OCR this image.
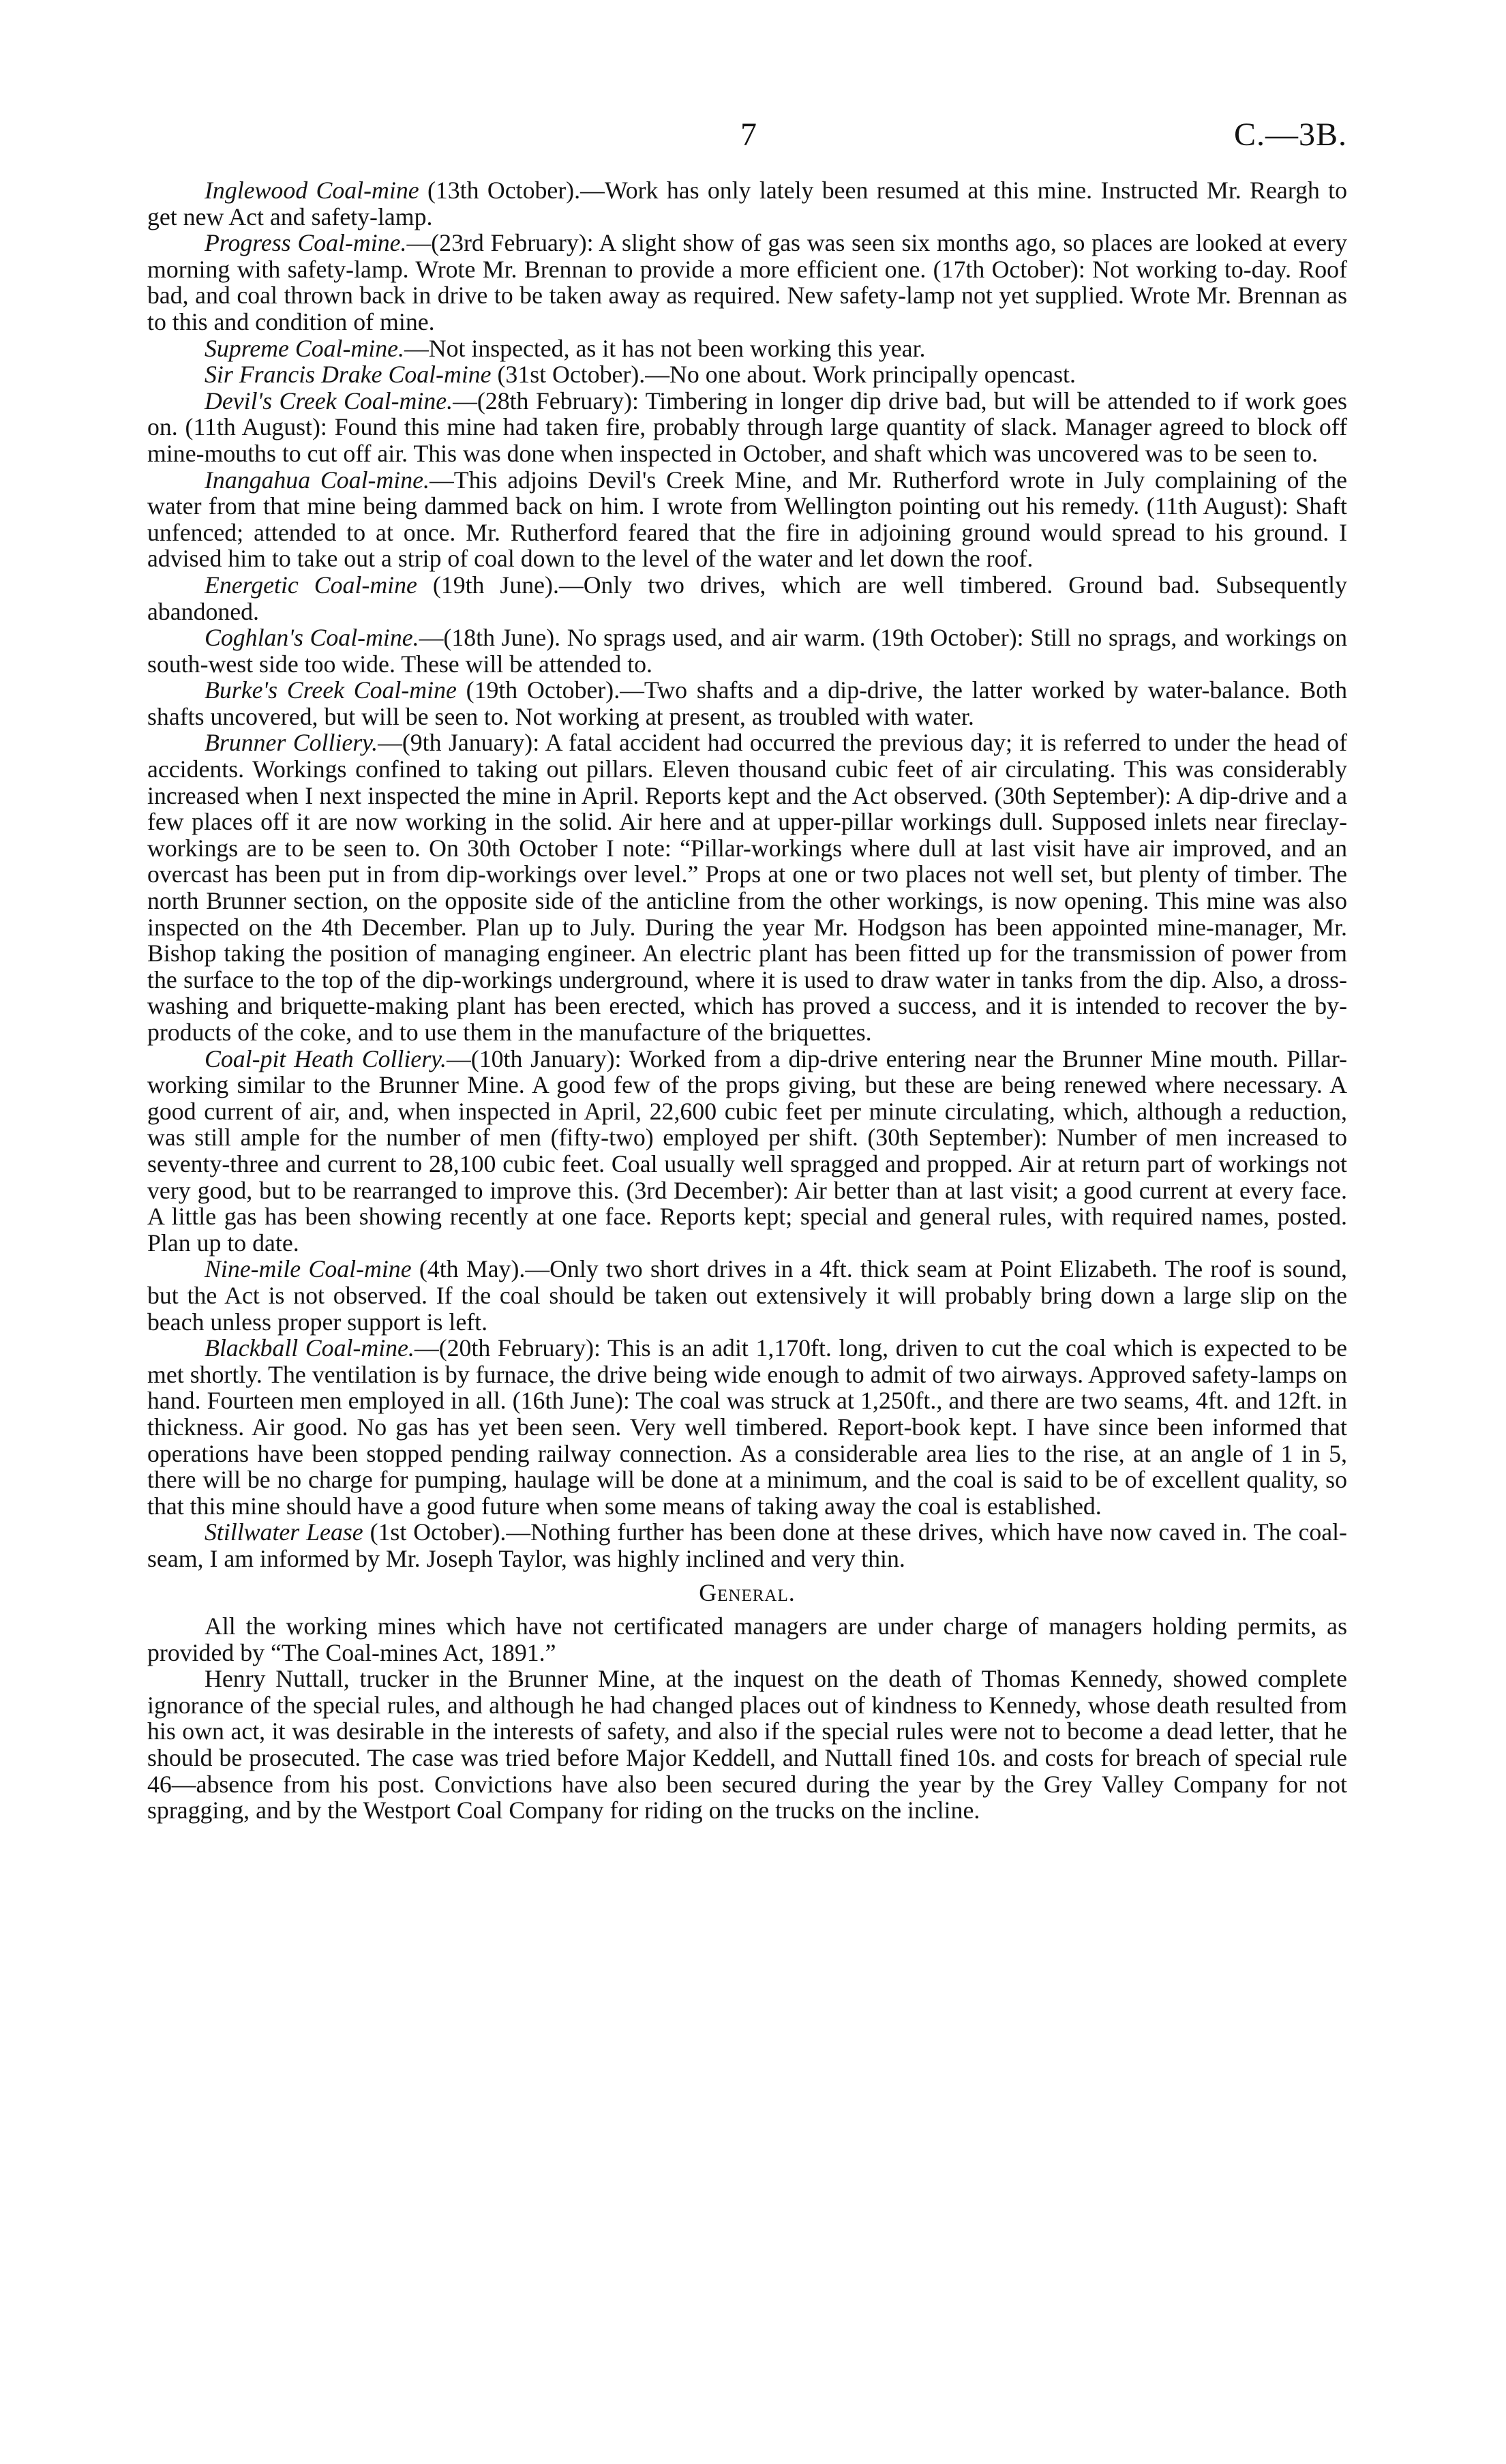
7	C.—3B.

Inglewood Coal-mine (13th October).—Work has only lately been resumed at this mine. Instructed Mr. Reargh to get new Act and safety-lamp.

Progress Coal-mine.—(23rd February): A slight show of gas was seen six months ago, so places are looked at every morning with safety-lamp. Wrote Mr. Brennan to provide a more efficient one. (17th October): Not working to-day. Roof bad, and coal thrown back in drive to be taken away as required. New safety-lamp not yet supplied. Wrote Mr. Brennan as to this and condition of mine.

Supreme Coal-mine.—Not inspected, as it has not been working this year.

Sir Francis Drake Coal-mine (31st October).—No one about. Work principally opencast.

Devil's Creek Coal-mine.—(28th February): Timbering in longer dip drive bad, but will be attended to if work goes on. (11th August): Found this mine had taken fire, probably through large quantity of slack. Manager agreed to block off mine-mouths to cut off air. This was done when inspected in October, and shaft which was uncovered was to be seen to.

Inangahua Coal-mine.—This adjoins Devil's Creek Mine, and Mr. Rutherford wrote in July complaining of the water from that mine being dammed back on him. I wrote from Wellington pointing out his remedy. (11th August): Shaft unfenced; attended to at once. Mr. Rutherford feared that the fire in adjoining ground would spread to his ground. I advised him to take out a strip of coal down to the level of the water and let down the roof.

Energetic Coal-mine (19th June).—Only two drives, which are well timbered. Ground bad. Subsequently abandoned.

Coghlan's Coal-mine.—(18th June). No sprags used, and air warm. (19th October): Still no sprags, and workings on south-west side too wide. These will be attended to.

Burke's Creek Coal-mine (19th October).—Two shafts and a dip-drive, the latter worked by water-balance. Both shafts uncovered, but will be seen to. Not working at present, as troubled with water.

Brunner Colliery.—(9th January): A fatal accident had occurred the previous day; it is referred to under the head of accidents. Workings confined to taking out pillars. Eleven thousand cubic feet of air circulating. This was considerably increased when I next inspected the mine in April. Reports kept and the Act observed. (30th September): A dip-drive and a few places off it are now working in the solid. Air here and at upper-pillar workings dull. Supposed inlets near fireclay-workings are to be seen to. On 30th October I note: “Pillar-workings where dull at last visit have air improved, and an overcast has been put in from dip-workings over level.” Props at one or two places not well set, but plenty of timber. The north Brunner section, on the opposite side of the anticline from the other workings, is now opening. This mine was also inspected on the 4th December. Plan up to July. During the year Mr. Hodgson has been appointed mine-manager, Mr. Bishop taking the position of managing engineer. An electric plant has been fitted up for the transmission of power from the surface to the top of the dip-workings underground, where it is used to draw water in tanks from the dip. Also, a dross-washing and briquette-making plant has been erected, which has proved a success, and it is intended to recover the by-products of the coke, and to use them in the manufacture of the briquettes.

Coal-pit Heath Colliery.—(10th January): Worked from a dip-drive entering near the Brunner Mine mouth. Pillar-working similar to the Brunner Mine. A good few of the props giving, but these are being renewed where necessary. A good current of air, and, when inspected in April, 22,600 cubic feet per minute circulating, which, although a reduction, was still ample for the number of men (fifty-two) employed per shift. (30th September): Number of men increased to seventy-three and current to 28,100 cubic feet. Coal usually well spragged and propped. Air at return part of workings not very good, but to be rearranged to improve this. (3rd December): Air better than at last visit; a good current at every face. A little gas has been showing recently at one face. Reports kept; special and general rules, with required names, posted. Plan up to date.

Nine-mile Coal-mine (4th May).—Only two short drives in a 4ft. thick seam at Point Elizabeth. The roof is sound, but the Act is not observed. If the coal should be taken out extensively it will probably bring down a large slip on the beach unless proper support is left.

Blackball Coal-mine.—(20th February): This is an adit 1,170ft. long, driven to cut the coal which is expected to be met shortly. The ventilation is by furnace, the drive being wide enough to admit of two airways. Approved safety-lamps on hand. Fourteen men employed in all. (16th June): The coal was struck at 1,250ft., and there are two seams, 4ft. and 12ft. in thickness. Air good. No gas has yet been seen. Very well timbered. Report-book kept. I have since been informed that operations have been stopped pending railway connection. As a considerable area lies to the rise, at an angle of 1 in 5, there will be no charge for pumping, haulage will be done at a minimum, and the coal is said to be of excellent quality, so that this mine should have a good future when some means of taking away the coal is established.

Stillwater Lease (1st October).—Nothing further has been done at these drives, which have now caved in. The coal-seam, I am informed by Mr. Joseph Taylor, was highly inclined and very thin.

General.

All the working mines which have not certificated managers are under charge of managers holding permits, as provided by “The Coal-mines Act, 1891.”

Henry Nuttall, trucker in the Brunner Mine, at the inquest on the death of Thomas Kennedy, showed complete ignorance of the special rules, and although he had changed places out of kindness to Kennedy, whose death resulted from his own act, it was desirable in the interests of safety, and also if the special rules were not to become a dead letter, that he should be prosecuted. The case was tried before Major Keddell, and Nuttall fined 10s. and costs for breach of special rule 46—absence from his post. Convictions have also been secured during the year by the Grey Valley Company for not spragging, and by the Westport Coal Company for riding on the trucks on the incline.
